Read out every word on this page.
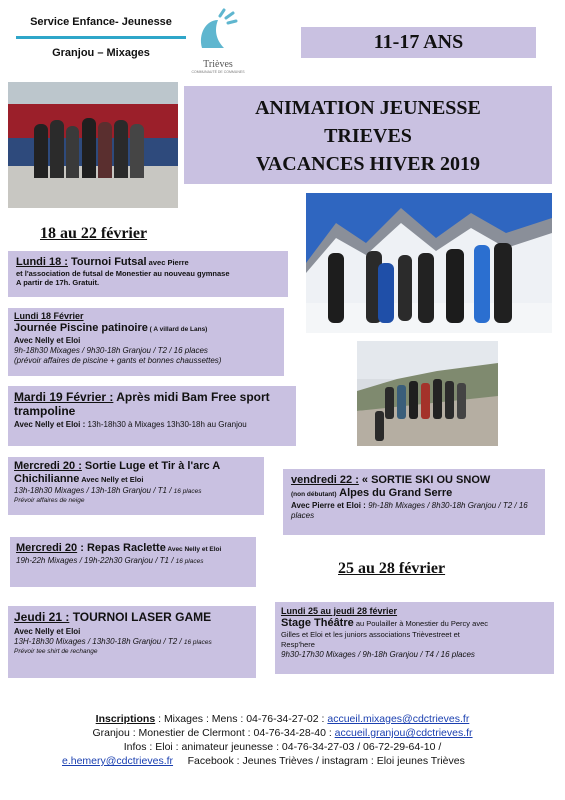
Service Enfance- Jeunesse
Granjou – Mixages
Trièves
COMMUNAUTÉ DE COMMUNES
11-17 ANS
ANIMATION JEUNESSE
TRIEVES
VACANCES HIVER 2019
18 au 22 février
Lundi 18 : Tournoi Futsal avec Pierre
et l'association de futsal de Monestier au nouveau gymnase
A partir de 17h. Gratuit.
Lundi 18 Février
Journée Piscine patinoire ( A villard de Lans)
Avec Nelly et Eloi
9h-18h30 Mixages / 9h30-18h Granjou / T2 / 16 places
(prévoir affaires de piscine + gants et bonnes chaussettes)
Mardi 19 Février : Après midi Bam Free sport trampoline
Avec Nelly et Eloi : 13h-18h30 à Mixages 13h30-18h au Granjou
Mercredi 20 : Sortie Luge et Tir à l'arc A Chichilianne Avec Nelly et Eloi
13h-18h30 Mixages / 13h-18h Granjou / T1 / 16 places
Prévoir affaires de neige
Mercredi 20 : Repas Raclette Avec Nelly et Eloi
19h-22h Mixages / 19h-22h30 Granjou / T1 / 16 places
Jeudi 21 : TOURNOI LASER GAME
Avec Nelly et Eloi
13H-18h30 Mixages / 13h30-18h Granjou / T2 / 16 places
Prévoir tee shirt de rechange
vendredi 22 : « SORTIE SKI OU SNOW
(non débutant) Alpes du Grand Serre
Avec Pierre et Eloi : 9h-18h Mixages / 8h30-18h Granjou / T2 / 16 places
25 au 28 février
Lundi 25 au jeudi 28 février
Stage Théâtre au Poulailler à Monestier du Percy avec
Gilles et Eloi et les juniors associations Trièvestreet et
Resp'here
9h30-17h30 Mixages / 9h-18h Granjou / T4 / 16 places
Inscriptions : Mixages : Mens : 04-76-34-27-02 : accueil.mixages@cdctrieves.fr
Granjou : Monestier de Clermont : 04-76-34-28-40 : accueil.granjou@cdctrieves.fr
Infos : Eloi : animateur jeunesse : 04-76-34-27-03 / 06-72-29-64-10 /
e.hemery@cdctrieves.fr     Facebook : Jeunes Trièves / instagram : Eloi jeunes Trièves
